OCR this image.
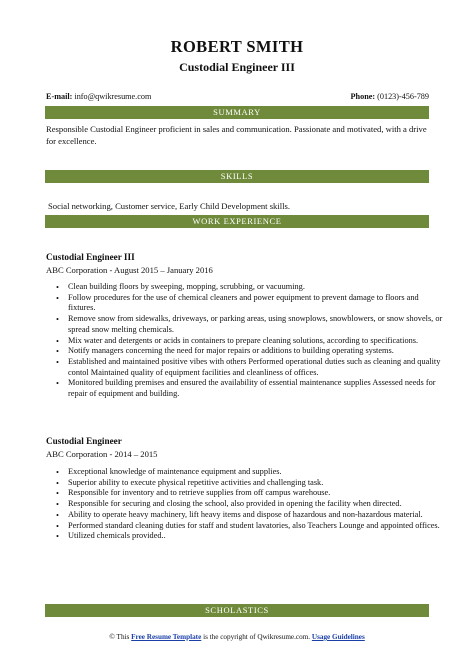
ROBERT SMITH
Custodial Engineer III
E-mail: info@qwikresume.com	Phone: (0123)-456-789
SUMMARY
Responsible Custodial Engineer proficient in sales and communication. Passionate and motivated, with a drive for excellence.
SKILLS
Social networking, Customer service, Early Child Development skills.
WORK EXPERIENCE
Custodial Engineer III
ABC Corporation - August 2015 – January 2016
• Clean building floors by sweeping, mopping, scrubbing, or vacuuming.
• Follow procedures for the use of chemical cleaners and power equipment to prevent damage to floors and fixtures.
• Remove snow from sidewalks, driveways, or parking areas, using snowplows, snowblowers, or snow shovels, or spread snow melting chemicals.
• Mix water and detergents or acids in containers to prepare cleaning solutions, according to specifications.
• Notify managers concerning the need for major repairs or additions to building operating systems.
• Established and maintained positive vibes with others Performed operational duties such as cleaning and quality contol Maintained quality of equipment facilities and cleanliness of offices.
• Monitored building premises and ensured the availability of essential maintenance supplies Assessed needs for repair of equipment and building.
Custodial Engineer
ABC Corporation - 2014 – 2015
• Exceptional knowledge of maintenance equipment and supplies.
• Superior ability to execute physical repetitive activities and challenging task.
• Responsible for inventory and to retrieve supplies from off campus warehouse.
• Responsible for securing and closing the school, also provided in opening the facility when directed.
• Ability to operate heavy machinery, lift heavy items and dispose of hazardous and non-hazardous material.
• Performed standard cleaning duties for staff and student lavatories, also Teachers Lounge and appointed offices.
• Utilized chemicals provided..
SCHOLASTICS
© This Free Resume Template is the copyright of Qwikresume.com. Usage Guidelines
